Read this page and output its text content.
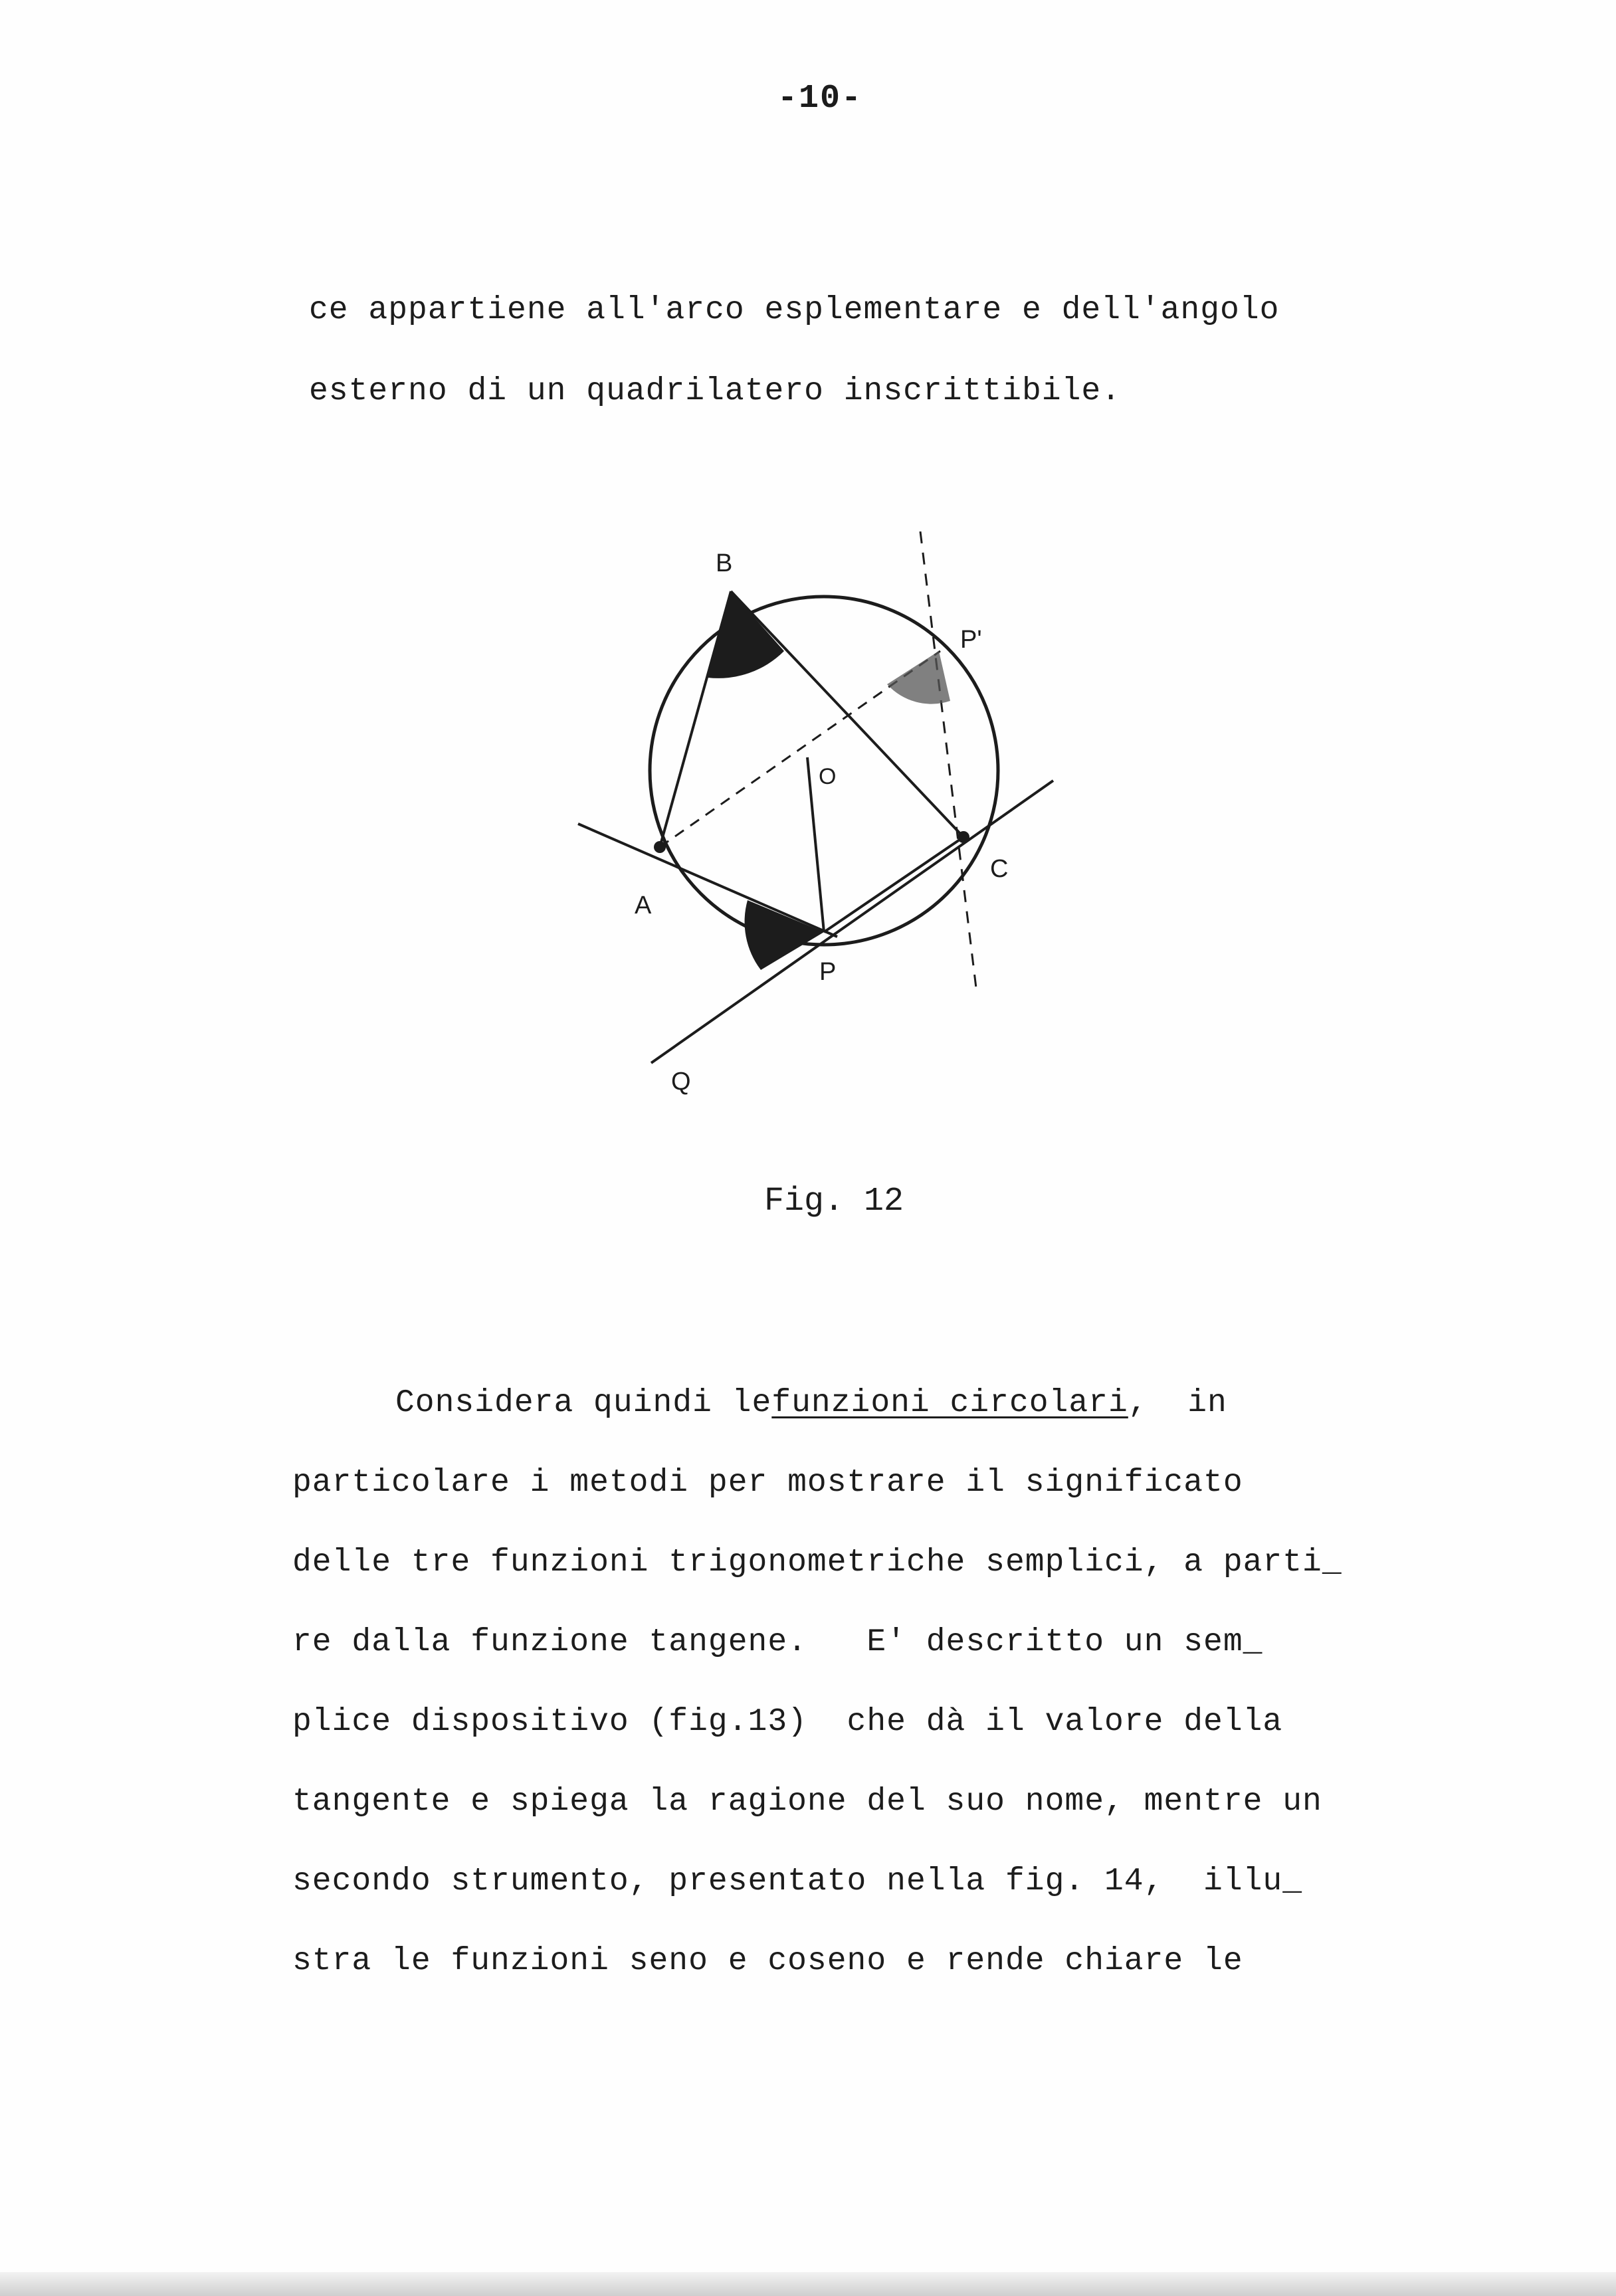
-10-
ce appartiene all'arco esplementare e dell'angolo
esterno di un quadrilatero inscrittibile.
B
P'
O
C
A
P
Q
Fig. 12
Considera quindi lefunzioni circolari,  in
particolare i metodi per mostrare il significato
delle tre funzioni trigonometriche semplici, a parti_
re dalla funzione tangene.   E' descritto un sem_
plice dispositivo (fig.13)  che dà il valore della
tangente e spiega la ragione del suo nome, mentre un
secondo strumento, presentato nella fig. 14,  illu_
stra le funzioni seno e coseno e rende chiare le
